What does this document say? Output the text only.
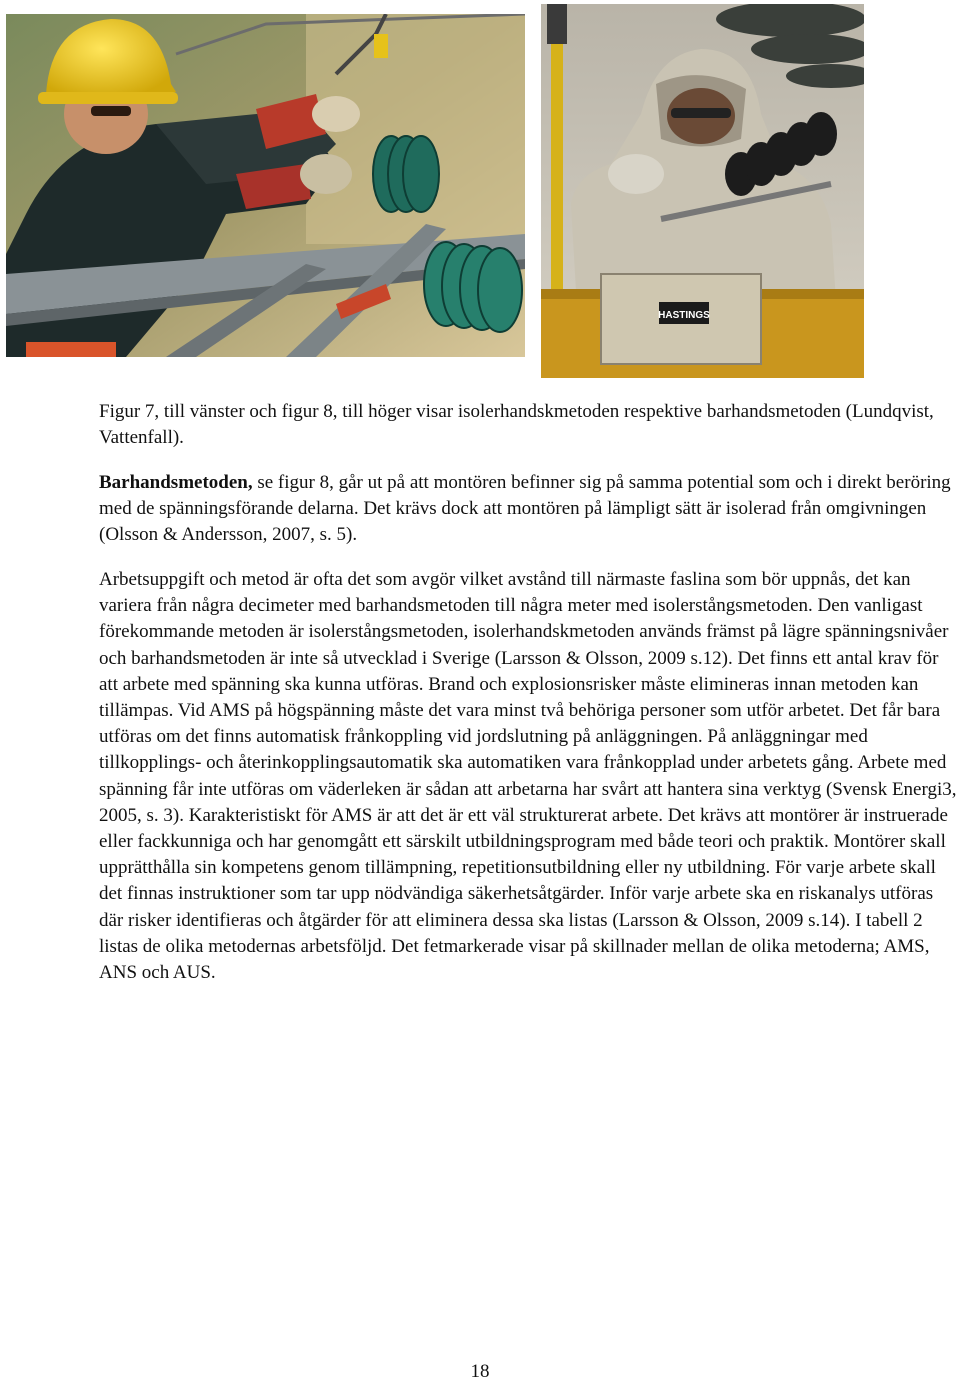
HASTINGS

Figur 7, till vänster och figur 8, till höger visar isolerhandskmetoden respektive barhandsmetoden (Lundqvist, Vattenfall).

Barhandsmetoden, se figur 8, går ut på att montören befinner sig på samma potential som och i direkt beröring med de spänningsförande delarna. Det krävs dock att montören på lämpligt sätt är isolerad från omgivningen (Olsson & Andersson, 2007, s. 5).

Arbetsuppgift och metod är ofta det som avgör vilket avstånd till närmaste faslina som bör uppnås, det kan variera från några decimeter med barhandsmetoden till några meter med isolerstångsmetoden. Den vanligast förekommande metoden är isolerstångsmetoden, isolerhandskmetoden används främst på lägre spänningsnivåer och barhandsmetoden är inte så utvecklad i Sverige (Larsson & Olsson, 2009 s.12). Det finns ett antal krav för att arbete med spänning ska kunna utföras. Brand och explosionsrisker måste elimineras innan metoden kan tillämpas. Vid AMS på högspänning måste det vara minst två behöriga personer som utför arbetet. Det får bara utföras om det finns automatisk frånkoppling vid jordslutning på anläggningen. På anläggningar med tillkopplings- och återinkopplingsautomatik ska automatiken vara frånkopplad under arbetets gång. Arbete med spänning får inte utföras om väderleken är sådan att arbetarna har svårt att hantera sina verktyg (Svensk Energi3, 2005, s. 3). Karakteristiskt för AMS är att det är ett väl strukturerat arbete. Det krävs att montörer är instruerade eller fackkunniga och har genomgått ett särskilt utbildningsprogram med både teori och praktik. Montörer skall upprätthålla sin kompetens genom tillämpning, repetitionsutbildning eller ny utbildning. För varje arbete skall det finnas instruktioner som tar upp nödvändiga säkerhetsåtgärder. Inför varje arbete ska en riskanalys utföras där risker identifieras och åtgärder för att eliminera dessa ska listas (Larsson & Olsson, 2009 s.14). I tabell 2 listas de olika metodernas arbetsföljd. Det fetmarkerade visar på skillnader mellan de olika metoderna; AMS, ANS och AUS.

18
